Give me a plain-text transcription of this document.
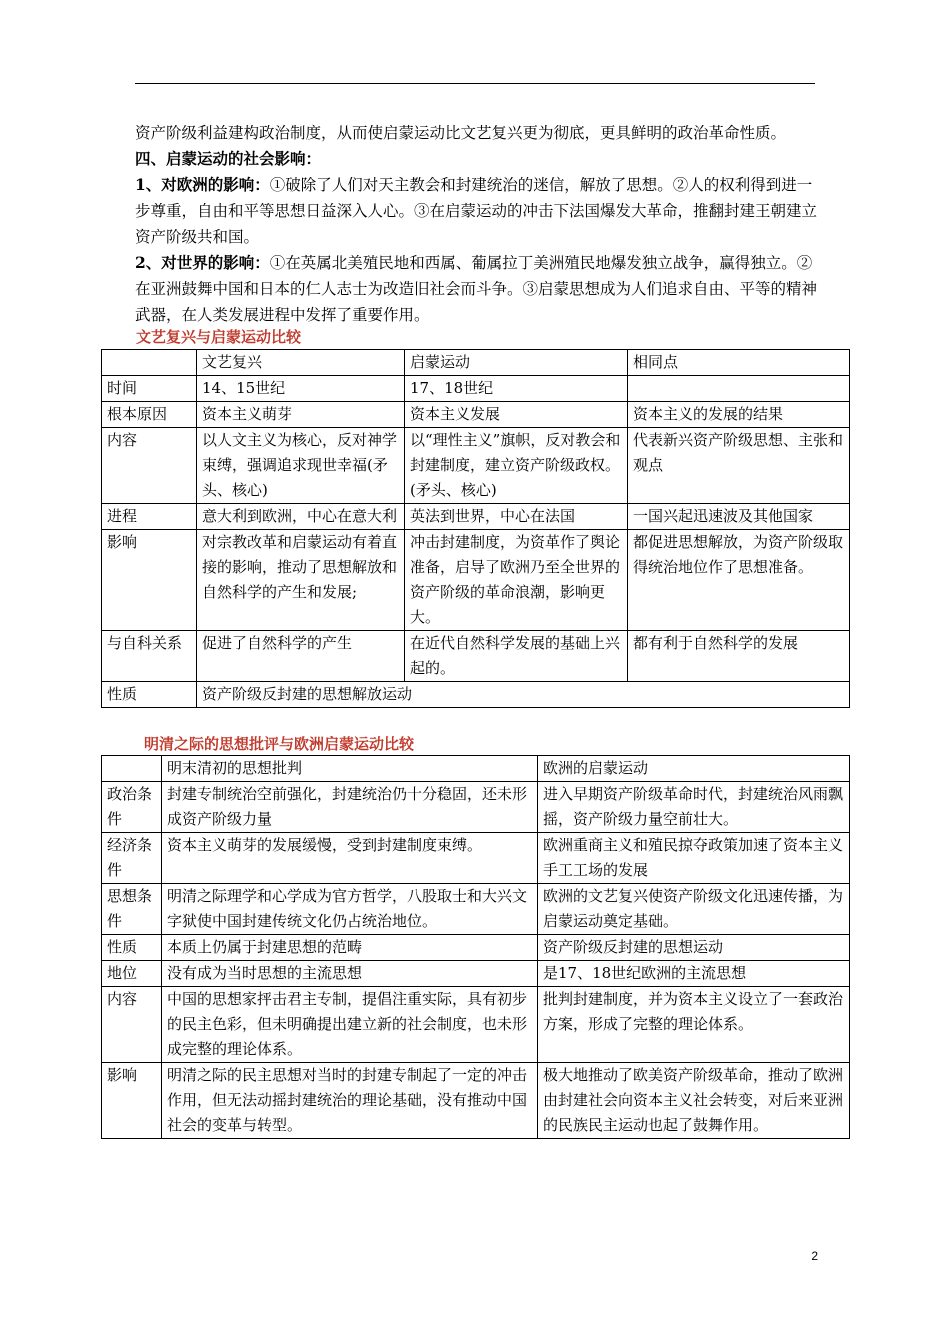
资产阶级利益建构政治制度，从而使启蒙运动比文艺复兴更为彻底，更具鲜明的政治革命性质。

四、启蒙运动的社会影响：

1、对欧洲的影响：①破除了人们对天主教会和封建统治的迷信，解放了思想。②人的权利得到进一步尊重，自由和平等思想日益深入人心。③在启蒙运动的冲击下法国爆发大革命，推翻封建王朝建立资产阶级共和国。

2、对世界的影响：①在英属北美殖民地和西属、葡属拉丁美洲殖民地爆发独立战争，赢得独立。②在亚洲鼓舞中国和日本的仁人志士为改造旧社会而斗争。③启蒙思想成为人们追求自由、平等的精神武器，在人类发展进程中发挥了重要作用。

文艺复兴与启蒙运动比较
	文艺复兴	启蒙运动	相同点
时间	14、15世纪	17、18世纪	
根本原因	资本主义萌芽	资本主义发展	资本主义的发展的结果
内容	以人文主义为核心，反对神学束缚，强调追求现世幸福(矛头、核心)	以“理性主义”旗帜，反对教会和封建制度，建立资产阶级政权。(矛头、核心)	代表新兴资产阶级思想、主张和观点
进程	意大利到欧洲，中心在意大利	英法到世界，中心在法国	一国兴起迅速波及其他国家
影响	对宗教改革和启蒙运动有着直接的影响，推动了思想解放和自然科学的产生和发展;	冲击封建制度，为资革作了舆论准备，启导了欧洲乃至全世界的资产阶级的革命浪潮，影响更大。	都促进思想解放，为资产阶级取得统治地位作了思想准备。
与自科关系	促进了自然科学的产生	在近代自然科学发展的基础上兴起的。	都有利于自然科学的发展
性质	资产阶级反封建的思想解放运动		
明清之际的思想批评与欧洲启蒙运动比较
	明末清初的思想批判	欧洲的启蒙运动
政治条件	封建专制统治空前强化，封建统治仍十分稳固，还未形成资产阶级力量	进入早期资产阶级革命时代，封建统治风雨飘摇，资产阶级力量空前壮大。
经济条件	资本主义萌芽的发展缓慢，受到封建制度束缚。	欧洲重商主义和殖民掠夺政策加速了资本主义手工工场的发展
思想条件	明清之际理学和心学成为官方哲学，八股取士和大兴文字狱使中国封建传统文化仍占统治地位。	欧洲的文艺复兴使资产阶级文化迅速传播，为启蒙运动奠定基础。
性质	本质上仍属于封建思想的范畴	资产阶级反封建的思想运动
地位	没有成为当时思想的主流思想	是17、18世纪欧洲的主流思想
内容	中国的思想家抨击君主专制，提倡注重实际，具有初步的民主色彩，但未明确提出建立新的社会制度，也未形成完整的理论体系。	批判封建制度，并为资本主义设立了一套政治方案，形成了完整的理论体系。
影响	明清之际的民主思想对当时的封建专制起了一定的冲击作用，但无法动摇封建统治的理论基础，没有推动中国社会的变革与转型。	极大地推动了欧美资产阶级革命，推动了欧洲由封建社会向资本主义社会转变，对后来亚洲的民族民主运动也起了鼓舞作用。
2
